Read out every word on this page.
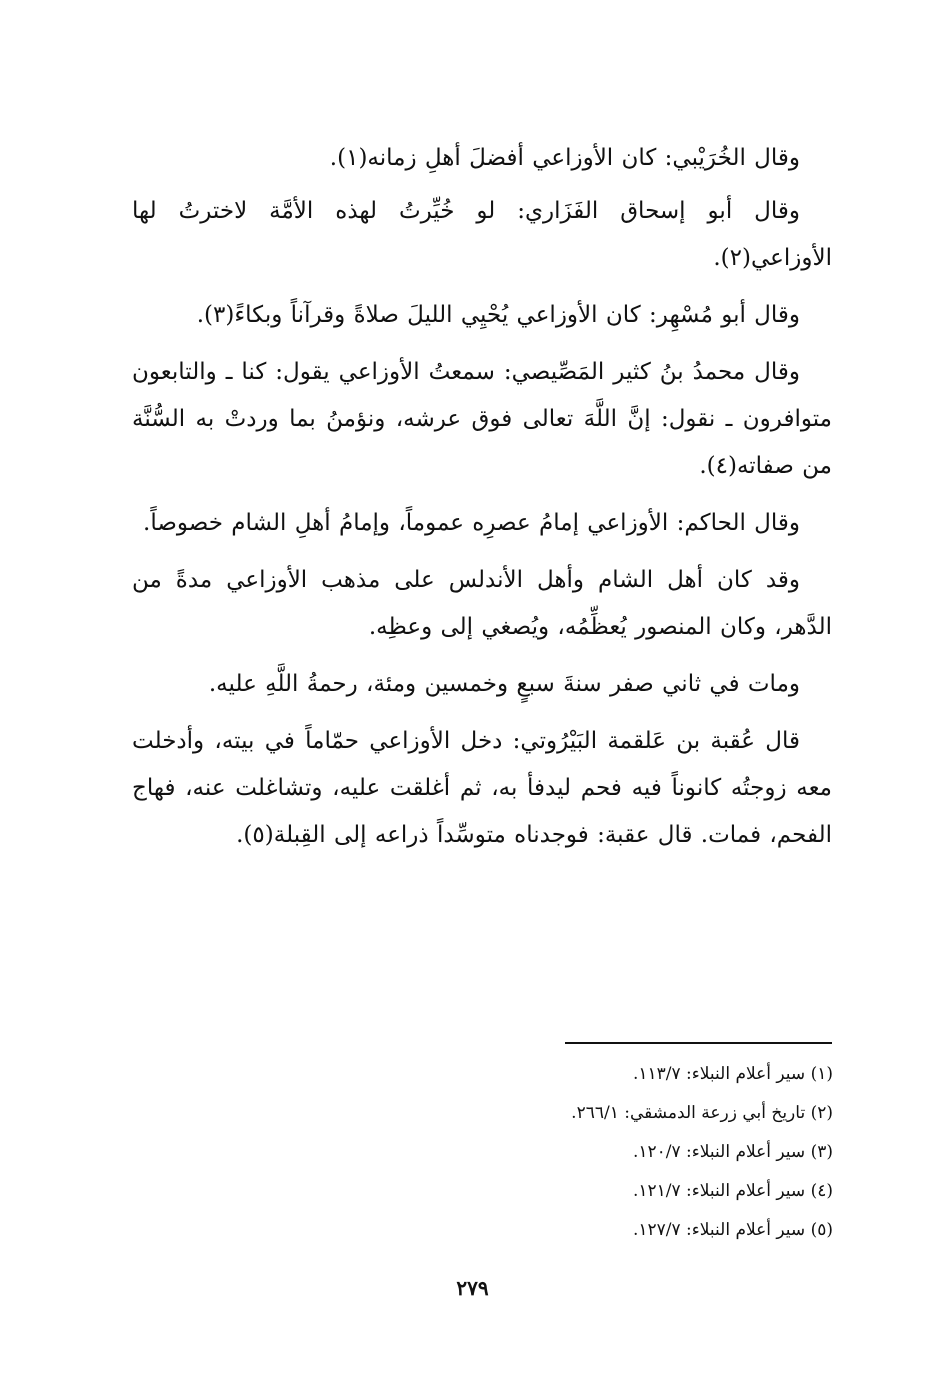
وقال الخُرَيْبي: كان الأوزاعي أفضلَ أهلِ زمانه(١).

وقال أبو إسحاق الفَزَاري: لو خُيِّرتُ لهذه الأمَّة لاخترتُ لها الأوزاعي(٢).

وقال أبو مُسْهِر: كان الأوزاعي يُحْيِي الليلَ صلاةً وقرآناً وبكاءً(٣).

وقال محمدُ بنُ كثير المَصِّيصي: سمعتُ الأوزاعي يقول: كنا ـ والتابعون متوافرون ـ نقول: إنَّ اللَّهَ تعالى فوق عرشه، ونؤمنُ بما وردتْ به السُّنَّة من صفاته(٤).

وقال الحاكم: الأوزاعي إمامُ عصرِه عموماً، وإمامُ أهلِ الشام خصوصاً.

وقد كان أهل الشام وأهل الأندلس على مذهب الأوزاعي مدةً من الدَّهر، وكان المنصور يُعظِّمُه، ويُصغي إلى وعظِه.

ومات في ثاني صفر سنةَ سبعٍ وخمسين ومئة، رحمةُ اللَّهِ عليه.

قال عُقبة بن عَلقمة البَيْرُوتي: دخل الأوزاعي حمّاماً في بيته، وأدخلت معه زوجتُه كانوناً فيه فحم ليدفأ به، ثم أغلقت عليه، وتشاغلت عنه، فهاج الفحم، فمات. قال عقبة: فوجدناه متوسِّداً ذراعه إلى القِبلة(٥).

(١) سير أعلام النبلاء: ١١٣/٧.
(٢) تاريخ أبي زرعة الدمشقي: ٢٦٦/١.
(٣) سير أعلام النبلاء: ١٢٠/٧.
(٤) سير أعلام النبلاء: ١٢١/٧.
(٥) سير أعلام النبلاء: ١٢٧/٧.
٢٧٩
